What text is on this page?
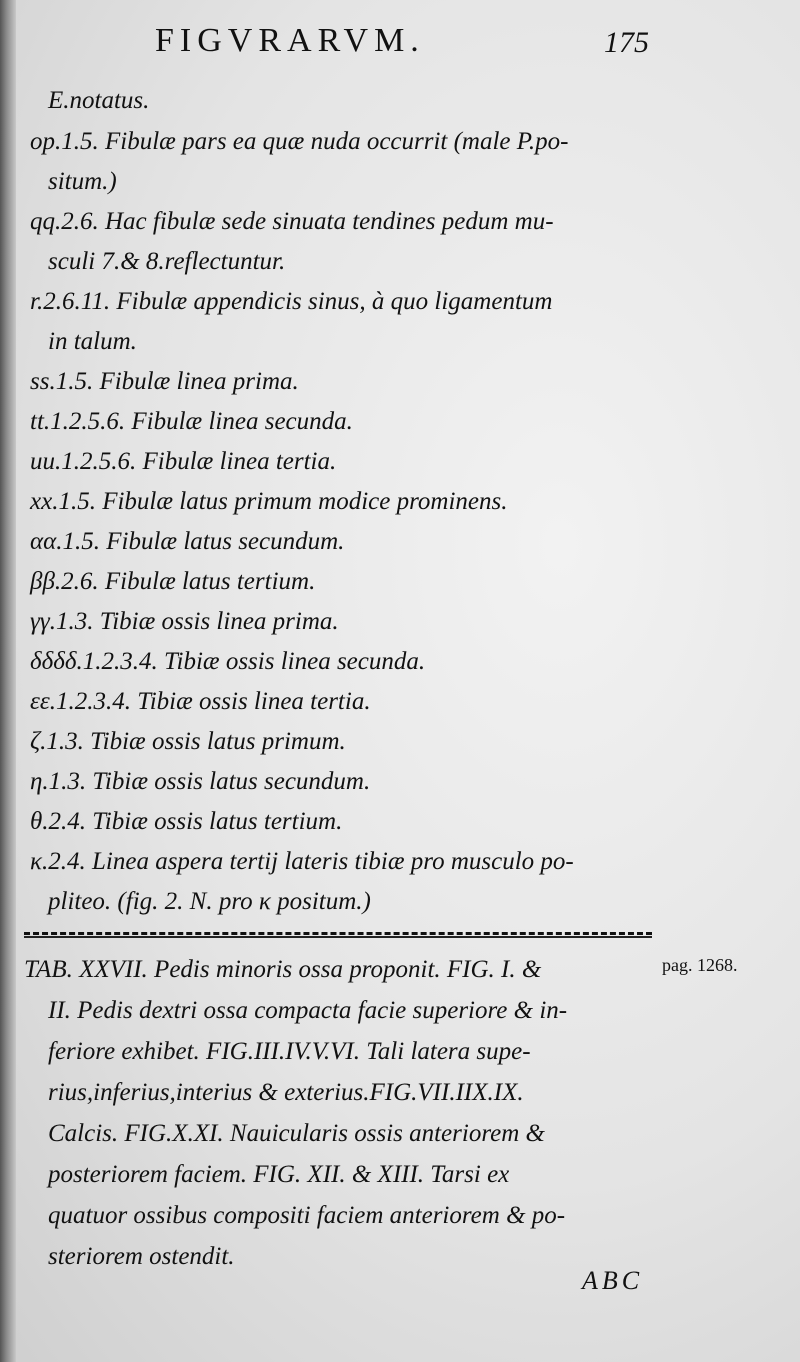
FIGVRARVM.	175
E.notatus.
op.1.5. Fibulæ pars ea quæ nuda occurrit (male P.po-
situm.)
qq.2.6. Hac fibulæ sede sinuata tendines pedum mu-
sculi 7.& 8.reflectuntur.
r.2.6.11. Fibulæ appendicis sinus, à quo ligamentum
in talum.
ss.1.5. Fibulæ linea prima.
tt.1.2.5.6. Fibulæ linea secunda.
uu.1.2.5.6. Fibulæ linea tertia.
xx.1.5. Fibulæ latus primum modice prominens.
αα.1.5. Fibulæ latus secundum.
ββ.2.6. Fibulæ latus tertium.
γγ.1.3. Tibiæ ossis linea prima.
δδδδ.1.2.3.4. Tibiæ ossis linea secunda.
εε.1.2.3.4. Tibiæ ossis linea tertia.
ζ.1.3. Tibiæ ossis latus primum.
η.1.3. Tibiæ ossis latus secundum.
θ.2.4. Tibiæ ossis latus tertium.
κ.2.4. Linea aspera tertij lateris tibiæ pro musculo po-
pliteo. (fig. 2. N. pro κ positum.)
TAB. XXVII. Pedis minoris ossa proponit. FIG. I. &
II. Pedis dextri ossa compacta facie superiore & in-
feriore exhibet. FIG.III.IV.V.VI. Tali latera supe-
rius,inferius,interius & exterius.FIG.VII.IIX.IX.
Calcis. FIG.X.XI. Nauicularis ossis anteriorem &
posteriorem faciem. FIG. XII. & XIII. Tarsi ex
quatuor ossibus compositi faciem anteriorem & po-
steriorem ostendit.
pag. 1268.
ABC
